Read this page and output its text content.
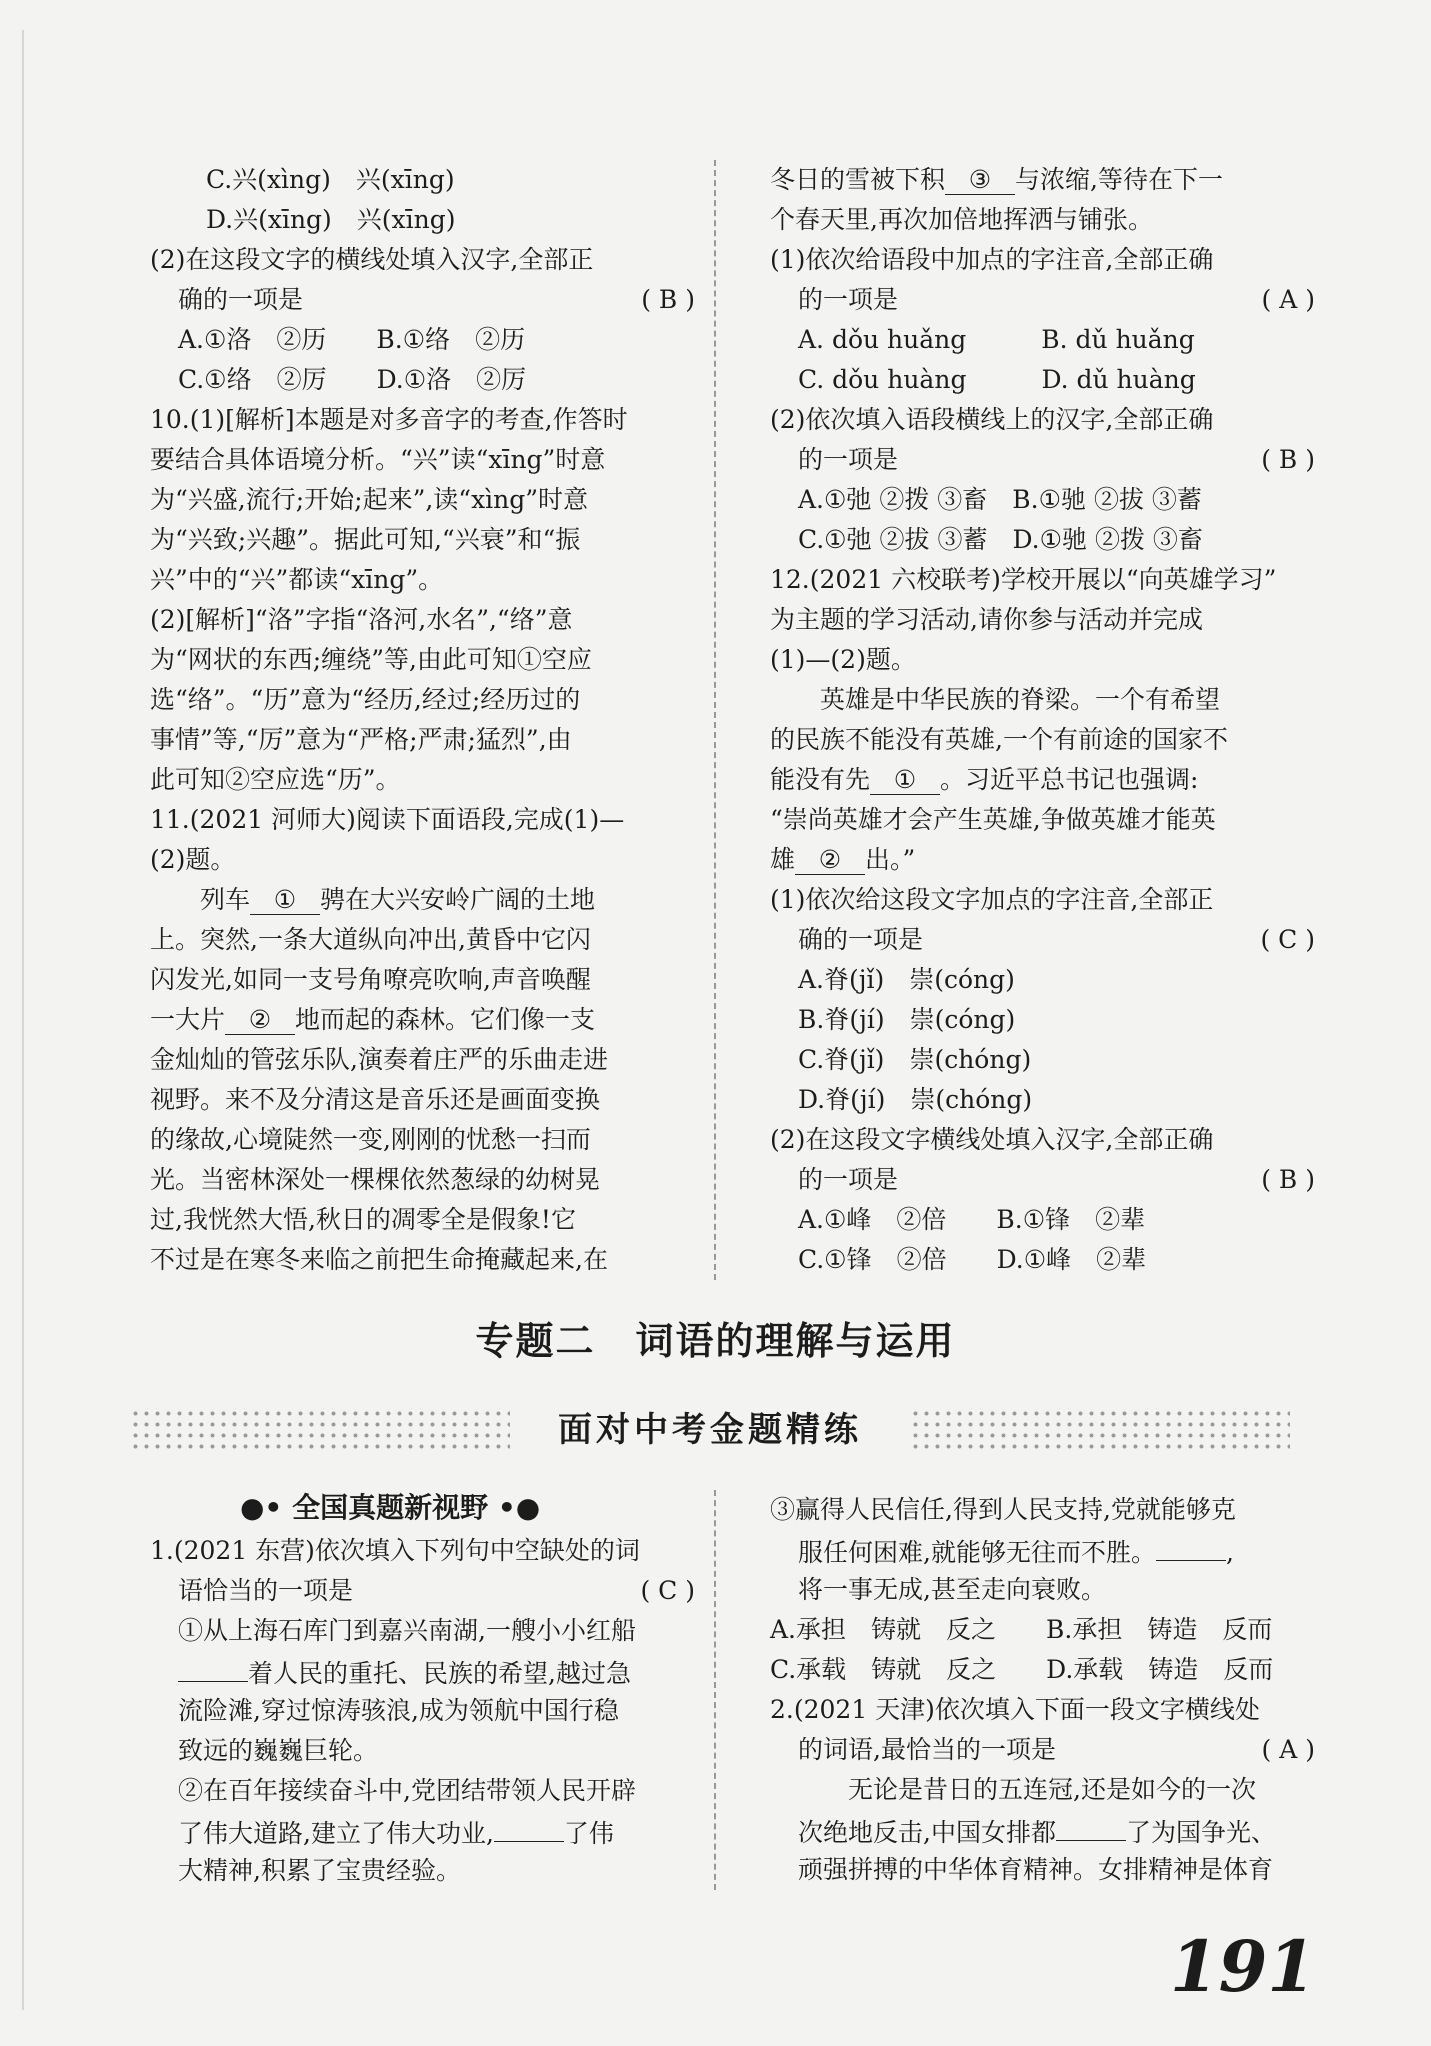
C.兴(xìng)　兴(xīng)
D.兴(xīng)　兴(xīng)
(2)在这段文字的横线处填入汉字,全部正
确的一项是	( B )
A.①洛　②历　　B.①络　②历
C.①络　②厉　　D.①洛　②厉
10.(1)[解析]本题是对多音字的考查,作答时
要结合具体语境分析。“兴”读“xīng”时意
为“兴盛,流行;开始;起来”,读“xìng”时意
为“兴致;兴趣”。据此可知,“兴衰”和“振
兴”中的“兴”都读“xīng”。
(2)[解析]“洛”字指“洛河,水名”,“络”意
为“网状的东西;缠绕”等,由此可知①空应
选“络”。“历”意为“经历,经过;经历过的
事情”等,“厉”意为“严格;严肃;猛烈”,由
此可知②空应选“历”。
11.(2021 河师大)阅读下面语段,完成(1)—
(2)题。
　　列车 ① 骋在大兴安岭广阔的土地
上。突然,一条大道纵向冲出,黄昏中它闪
闪发光,如同一支号角嘹亮吹响,声音唤醒
一大片 ② 地而起的森林。它们像一支
金灿灿的管弦乐队,演奏着庄严的乐曲走进
视野。来不及分清这是音乐还是画面变换
的缘故,心境陡然一变,刚刚的忧愁一扫而
光。当密林深处一棵棵依然葱绿的幼树晃
过,我恍然大悟,秋日的凋零全是假象!它
不过是在寒冬来临之前把生命掩藏起来,在
冬日的雪被下积 ③ 与浓缩,等待在下一
个春天里,再次加倍地挥洒与铺张。
(1)依次给语段中加点的字注音,全部正确
的一项是	( A )
A. dǒu huǎng　　　B. dǔ huǎng
C. dǒu huàng　　　D. dǔ huàng
(2)依次填入语段横线上的汉字,全部正确
的一项是	( B )
A.①弛 ②拨 ③畜　B.①驰 ②拔 ③蓄
C.①弛 ②拔 ③蓄　D.①驰 ②拨 ③畜
12.(2021 六校联考)学校开展以“向英雄学习”
为主题的学习活动,请你参与活动并完成
(1)—(2)题。
　　英雄是中华民族的脊梁。一个有希望
的民族不能没有英雄,一个有前途的国家不
能没有先 ① 。习近平总书记也强调:
“崇尚英雄才会产生英雄,争做英雄才能英
雄 ② 出。”
(1)依次给这段文字加点的字注音,全部正
确的一项是	( C )
A.脊(jǐ)　崇(cóng)
B.脊(jí)　崇(cóng)
C.脊(jǐ)　崇(chóng)
D.脊(jí)　崇(chóng)
(2)在这段文字横线处填入汉字,全部正确
的一项是	( B )
A.①峰　②倍　　B.①锋　②辈
C.①锋　②倍　　D.①峰　②辈
专题二　词语的理解与运用
面对中考金题精练
●• 全国真题新视野 •●
1.(2021 东营)依次填入下列句中空缺处的词
语恰当的一项是	( C )
①从上海石库门到嘉兴南湖,一艘小小红船
着人民的重托、民族的希望,越过急
流险滩,穿过惊涛骇浪,成为领航中国行稳
致远的巍巍巨轮。
②在百年接续奋斗中,党团结带领人民开辟
了伟大道路,建立了伟大功业,	了伟
大精神,积累了宝贵经验。
③赢得人民信任,得到人民支持,党就能够克
服任何困难,就能够无往而不胜。	,
将一事无成,甚至走向衰败。
A.承担　铸就　反之　　B.承担　铸造　反而
C.承载　铸就　反之　　D.承载　铸造　反而
2.(2021 天津)依次填入下面一段文字横线处
的词语,最恰当的一项是	( A )
　　无论是昔日的五连冠,还是如今的一次
次绝地反击,中国女排都	了为国争光、
顽强拼搏的中华体育精神。女排精神是体育
191
